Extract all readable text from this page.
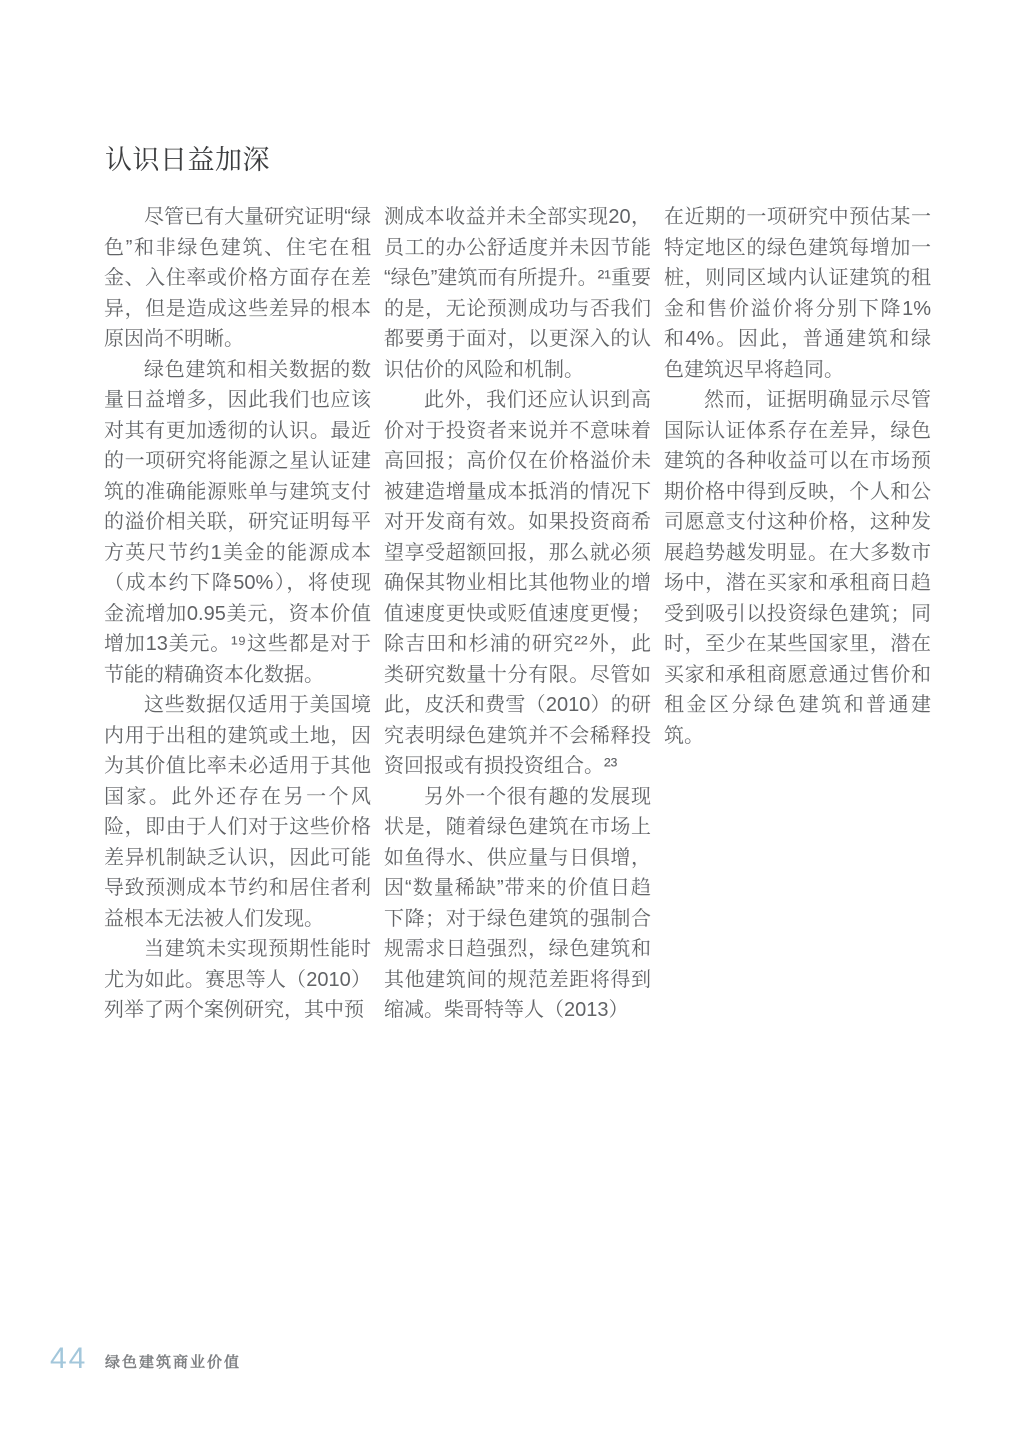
认识日益加深

尽管已有大量研究证明“绿色”和非绿色建筑、住宅在租金、入住率或价格方面存在差异，但是造成这些差异的根本原因尚不明晰。

绿色建筑和相关数据的数量日益增多，因此我们也应该对其有更加透彻的认识。最近的一项研究将能源之星认证建筑的准确能源账单与建筑支付的溢价相关联，研究证明每平方英尺节约1美金的能源成本（成本约下降50%），将使现金流增加0.95美元，资本价值增加13美元。¹⁹这些都是对于节能的精确资本化数据。

这些数据仅适用于美国境内用于出租的建筑或土地，因为其价值比率未必适用于其他国家。此外还存在另一个风险，即由于人们对于这些价格差异机制缺乏认识，因此可能导致预测成本节约和居住者利益根本无法被人们发现。

当建筑未实现预期性能时尤为如此。赛思等人（2010）列举了两个案例研究，其中预

测成本收益并未全部实现20，员工的办公舒适度并未因节能“绿色”建筑而有所提升。²¹重要的是，无论预测成功与否我们都要勇于面对，以更深入的认识估价的风险和机制。

此外，我们还应认识到高价对于投资者来说并不意味着高回报；高价仅在价格溢价未被建造增量成本抵消的情况下对开发商有效。如果投资商希望享受超额回报，那么就必须确保其物业相比其他物业的增值速度更快或贬值速度更慢；除吉田和杉浦的研究²²外，此类研究数量十分有限。尽管如此，皮沃和费雪（2010）的研究表明绿色建筑并不会稀释投资回报或有损投资组合。²³

另外一个很有趣的发展现状是，随着绿色建筑在市场上如鱼得水、供应量与日俱增，因“数量稀缺”带来的价值日趋下降；对于绿色建筑的强制合规需求日趋强烈，绿色建筑和其他建筑间的规范差距将得到缩减。柴哥特等人（2013）

在近期的一项研究中预估某一特定地区的绿色建筑每增加一桩，则同区域内认证建筑的租金和售价溢价将分别下降1%和4%。因此，普通建筑和绿色建筑迟早将趋同。

然而，证据明确显示尽管国际认证体系存在差异，绿色建筑的各种收益可以在市场预期价格中得到反映，个人和公司愿意支付这种价格，这种发展趋势越发明显。在大多数市场中，潜在买家和承租商日趋受到吸引以投资绿色建筑；同时，至少在某些国家里，潜在买家和承租商愿意通过售价和租金区分绿色建筑和普通建筑。

44 绿色建筑商业价值
